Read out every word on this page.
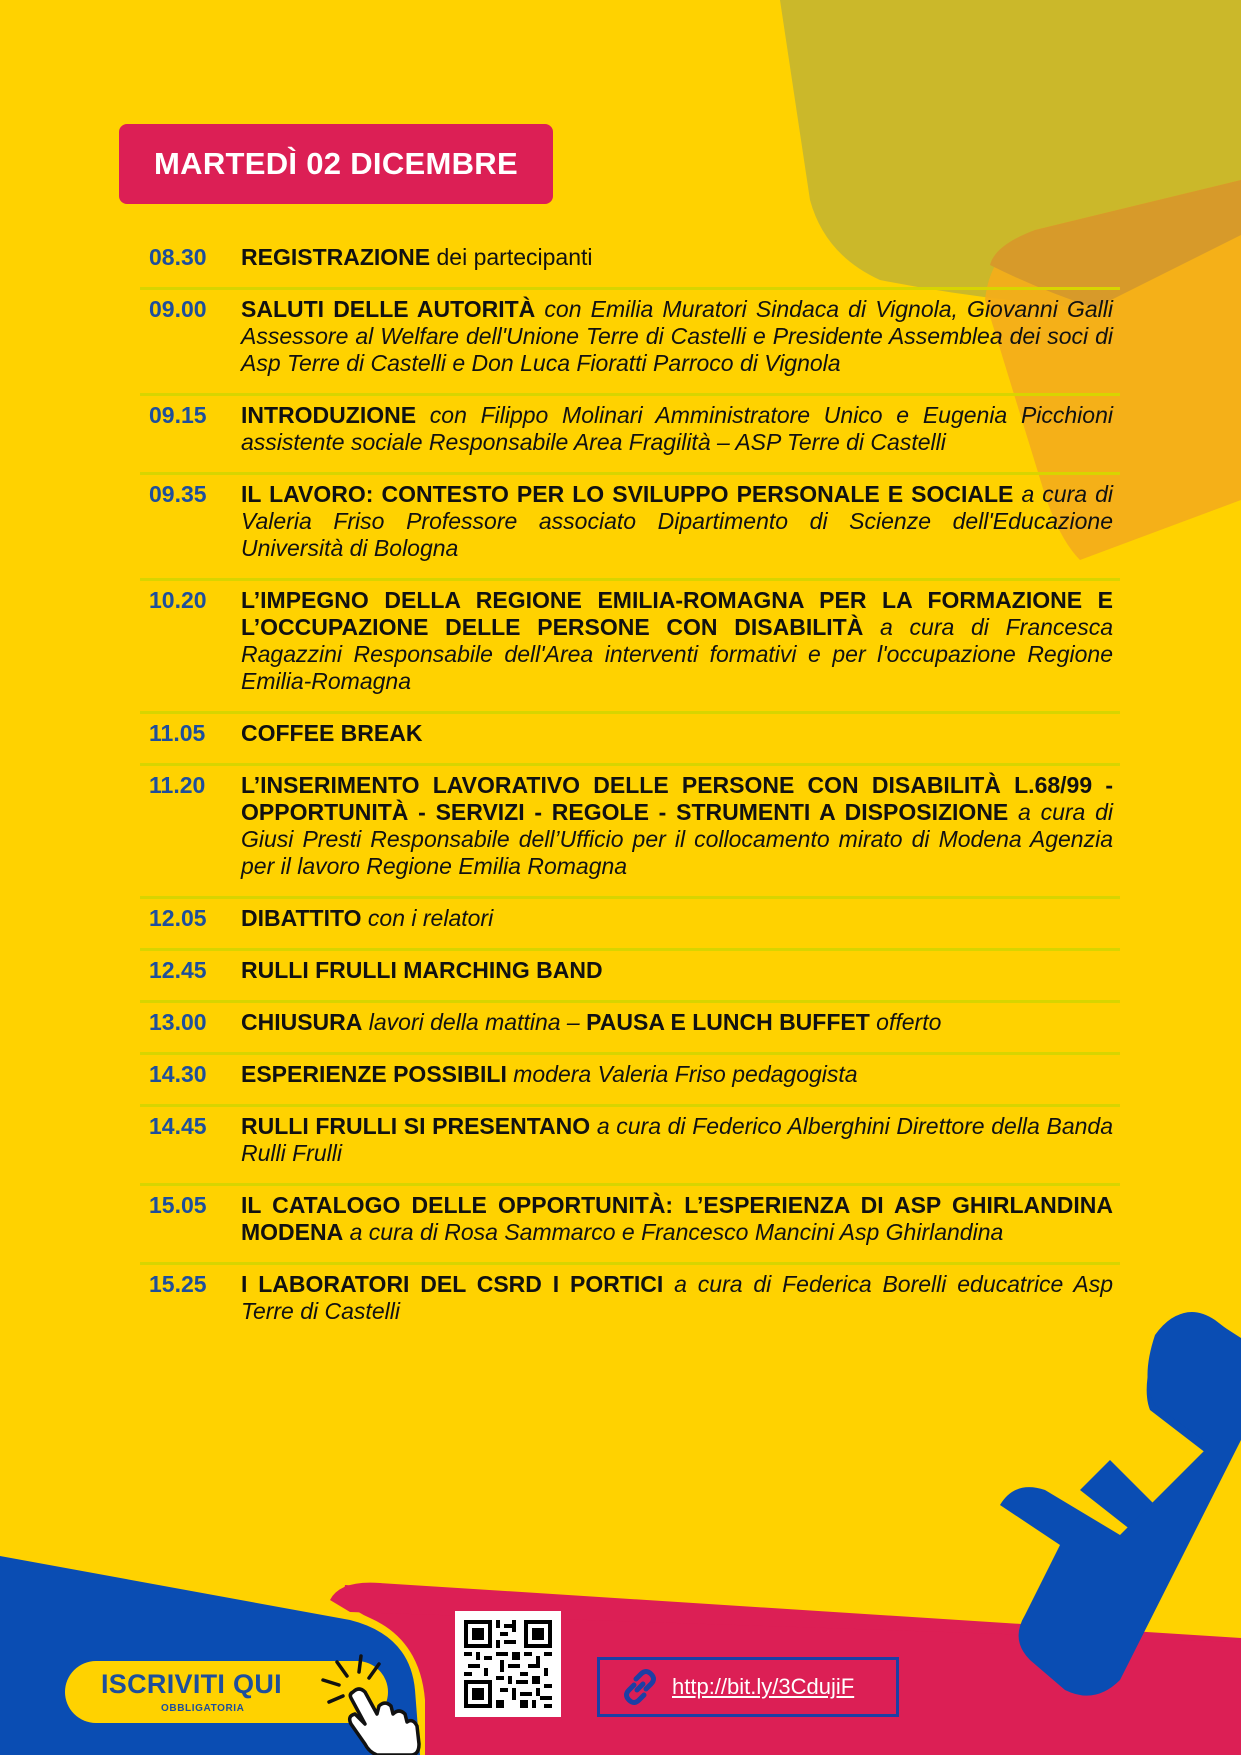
MARTEDÌ 02 DICEMBRE
08.30	REGISTRAZIONE dei partecipanti
09.00	SALUTI DELLE AUTORITÀ con Emilia Muratori Sindaca di Vignola, Giovanni Galli Assessore al Welfare dell'Unione Terre di Castelli e Presidente Assemblea dei soci di Asp Terre di Castelli e Don Luca Fioratti Parroco di Vignola
09.15	INTRODUZIONE con Filippo Molinari Amministratore Unico e Eugenia Picchioni assistente sociale Responsabile Area Fragilità – ASP Terre di Castelli
09.35	IL LAVORO: CONTESTO PER LO SVILUPPO PERSONALE E SOCIALE a cura di Valeria Friso Professore associato Dipartimento di Scienze dell'Educazione Università di Bologna
10.20	L’IMPEGNO DELLA REGIONE EMILIA-ROMAGNA PER LA FORMAZIONE E L’OCCUPAZIONE DELLE PERSONE CON DISABILITÀ a cura di Francesca Ragazzini Responsabile dell'Area interventi formativi e per l'occupazione Regione Emilia-Romagna
11.05	COFFEE BREAK
11.20	L’INSERIMENTO LAVORATIVO DELLE PERSONE CON DISABILITÀ L.68/99 - OPPORTUNITÀ - SERVIZI - REGOLE - STRUMENTI A DISPOSIZIONE a cura di Giusi Presti Responsabile dell’Ufficio per il collocamento mirato di Modena Agenzia per il lavoro Regione Emilia Romagna
12.05	DIBATTITO con i relatori
12.45	RULLI FRULLI MARCHING BAND
13.00	CHIUSURA lavori della mattina – PAUSA E LUNCH BUFFET offerto
14.30	ESPERIENZE POSSIBILI modera Valeria Friso pedagogista
14.45	RULLI FRULLI SI PRESENTANO a cura di Federico Alberghini Direttore della Banda Rulli Frulli
15.05	IL CATALOGO DELLE OPPORTUNITÀ: L’ESPERIENZA DI ASP GHIRLANDINA MODENA a cura di Rosa Sammarco e Francesco Mancini Asp Ghirlandina
15.25	I LABORATORI DEL CSRD I PORTICI a cura di Federica Borelli educatrice Asp Terre di Castelli
ISCRIVITI QUI
OBBLIGATORIA
http://bit.ly/3CdujiF
